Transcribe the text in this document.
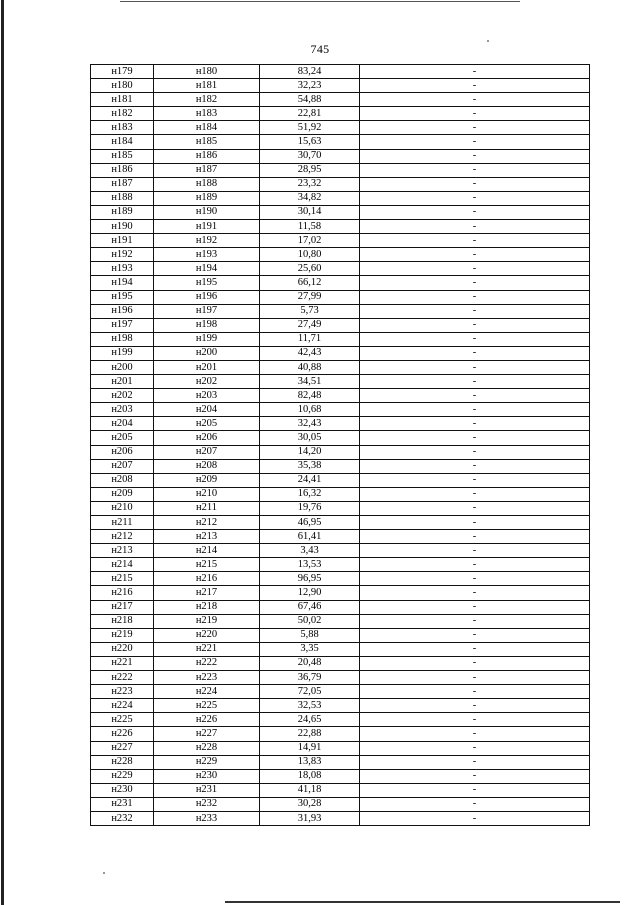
745
н179	н180	83,24	-
н180	н181	32,23	-
н181	н182	54,88	-
н182	н183	22,81	-
н183	н184	51,92	-
н184	н185	15,63	-
н185	н186	30,70	-
н186	н187	28,95	-
н187	н188	23,32	-
н188	н189	34,82	-
н189	н190	30,14	-
н190	н191	11,58	-
н191	н192	17,02	-
н192	н193	10,80	-
н193	н194	25,60	-
н194	н195	66,12	-
н195	н196	27,99	-
н196	н197	5,73	-
н197	н198	27,49	-
н198	н199	11,71	-
н199	н200	42,43	-
н200	н201	40,88	-
н201	н202	34,51	-
н202	н203	82,48	-
н203	н204	10,68	-
н204	н205	32,43	-
н205	н206	30,05	-
н206	н207	14,20	-
н207	н208	35,38	-
н208	н209	24,41	-
н209	н210	16,32	-
н210	н211	19,76	-
н211	н212	46,95	-
н212	н213	61,41	-
н213	н214	3,43	-
н214	н215	13,53	-
н215	н216	96,95	-
н216	н217	12,90	-
н217	н218	67,46	-
н218	н219	50,02	-
н219	н220	5,88	-
н220	н221	3,35	-
н221	н222	20,48	-
н222	н223	36,79	-
н223	н224	72,05	-
н224	н225	32,53	-
н225	н226	24,65	-
н226	н227	22,88	-
н227	н228	14,91	-
н228	н229	13,83	-
н229	н230	18,08	-
н230	н231	41,18	-
н231	н232	30,28	-
н232	н233	31,93	-
